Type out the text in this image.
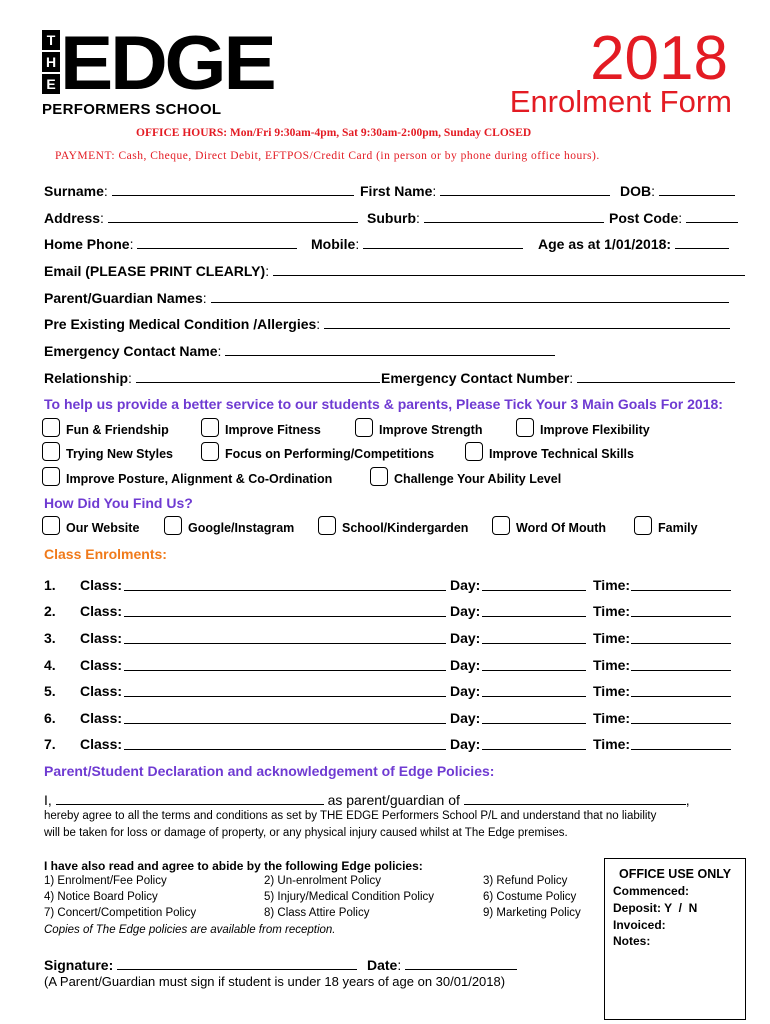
T
H
E EDGE
PERFORMERS SCHOOL
2018
Enrolment Form
OFFICE HOURS: Mon/Fri 9:30am-4pm, Sat 9:30am-2:00pm, Sunday CLOSED
PAYMENT: Cash, Cheque, Direct Debit, EFTPOS/Credit Card (in person or by phone during office hours).
Surname:	First Name:	DOB:
Address:	Suburb:	Post Code:
Home Phone:	Mobile:	Age as at 1/01/2018:
Email (PLEASE PRINT CLEARLY):
Parent/Guardian Names:
Pre Existing Medical Condition /Allergies:
Emergency Contact Name:
Relationship:	Emergency Contact Number:
To help us provide a better service to our students & parents, Please Tick Your 3 Main Goals For 2018:
Fun & Friendship	Improve Fitness	Improve Strength	Improve Flexibility
Trying New Styles	Focus on Performing/Competitions	Improve Technical Skills
Improve Posture, Alignment & Co-Ordination	Challenge Your Ability Level
How Did You Find Us?
Our Website	Google/Instagram	School/Kindergarden	Word Of Mouth	Family
Class Enrolments:
1. Class:	Day:	Time:
2. Class:	Day:	Time:
3. Class:	Day:	Time:
4. Class:	Day:	Time:
5. Class:	Day:	Time:
6. Class:	Day:	Time:
7. Class:	Day:	Time:
Parent/Student Declaration and acknowledgement of Edge Policies:
I,	as parent/guardian of	,
hereby agree to all the terms and conditions as set by THE EDGE Performers School P/L and understand that no liability
will be taken for loss or damage of property, or any physical injury caused whilst at The Edge premises.
I have also read and agree to abide by the following Edge policies:
1) Enrolment/Fee Policy	2) Un-enrolment Policy	3) Refund Policy
4) Notice Board Policy	5) Injury/Medical Condition Policy	6) Costume Policy
7) Concert/Competition Policy	8) Class Attire Policy	9) Marketing Policy
Copies of The Edge policies are available from reception.
OFFICE USE ONLY
Commenced:
Deposit: Y  /  N
Invoiced:
Notes:
Signature:	Date:
(A Parent/Guardian must sign if student is under 18 years of age on 30/01/2018)
